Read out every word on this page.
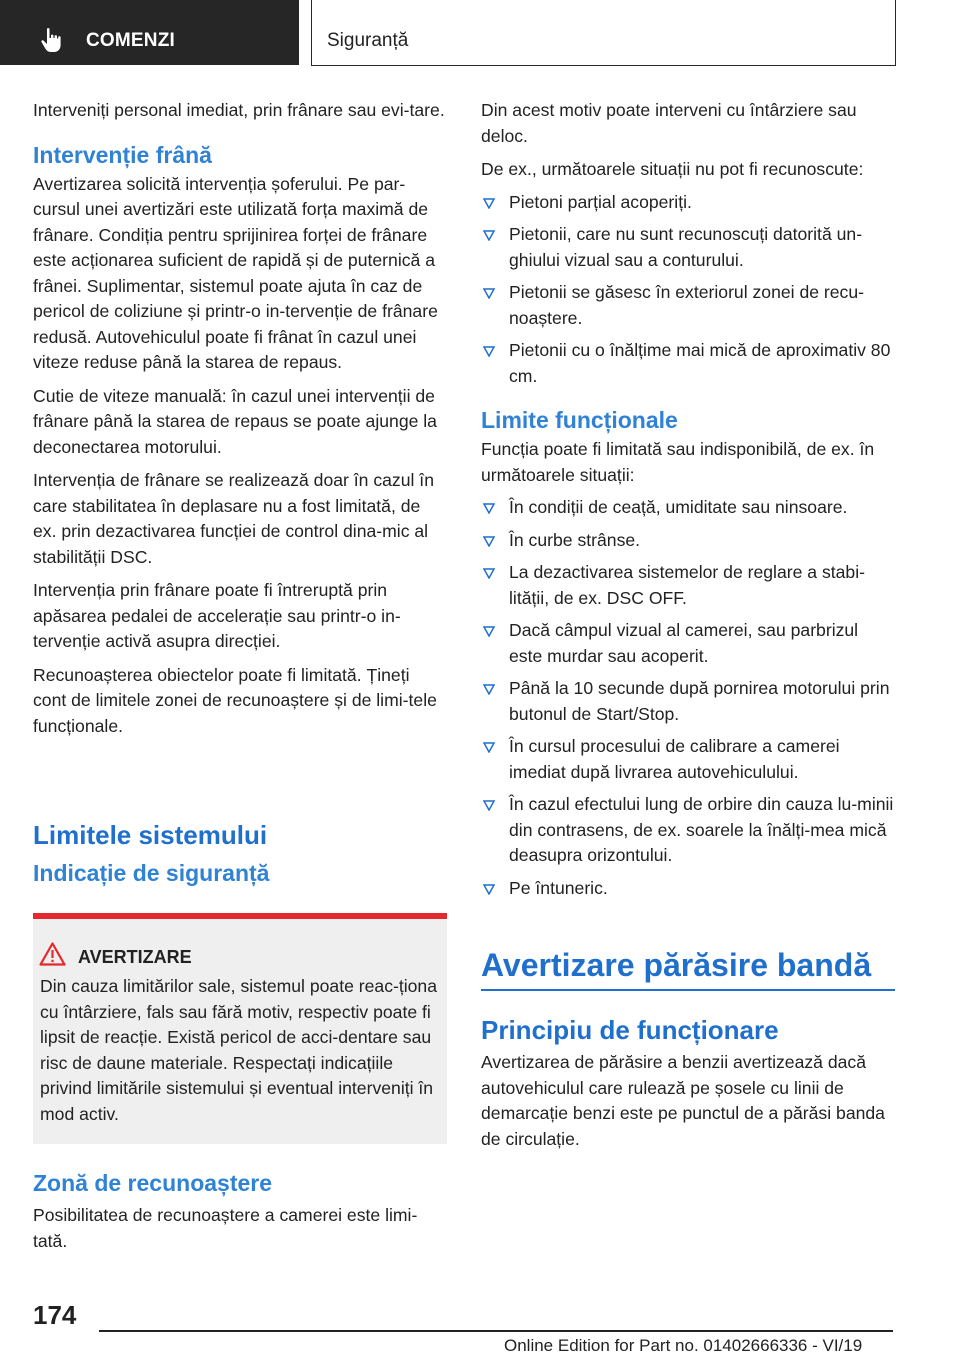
COMENZI	Siguranță

Interveniți personal imediat, prin frânare sau evi‐tare.

Intervenție frână

Avertizarea solicită intervenția șoferului. Pe par‐cursul unei avertizări este utilizată forța maximă de frânare. Condiția pentru sprijinirea forței de frânare este acționarea suficient de rapidă și de puternică a frânei. Suplimentar, sistemul poate ajuta în caz de pericol de coliziune și printr-o in‐tervenție de frânare redusă. Autovehiculul poate fi frânat în cazul unei viteze reduse până la starea de repaus.

Cutie de viteze manuală: în cazul unei intervenții de frânare până la starea de repaus se poate ajunge la deconectarea motorului.

Intervenția de frânare se realizează doar în cazul în care stabilitatea în deplasare nu a fost limitată, de ex. prin dezactivarea funcției de control dina‐mic al stabilității DSC.

Intervenția prin frânare poate fi întreruptă prin apăsarea pedalei de accelerație sau printr-o in‐tervenție activă asupra direcției.

Recunoașterea obiectelor poate fi limitată. Țineți cont de limitele zonei de recunoaștere și de limi‐tele funcționale.

Limitele sistemului
Indicație de siguranță
AVERTIZARE

Din cauza limitărilor sale, sistemul poate reac‐ționa cu întârziere, fals sau fără motiv, respectiv poate fi lipsit de reacție. Există pericol de acci‐dentare sau risc de daune materiale. Respectați indicațiile privind limitările sistemului și eventual interveniți în mod activ.

Zonă de recunoaștere

Posibilitatea de recunoaștere a camerei este limi‐tată.

Din acest motiv poate interveni cu întârziere sau deloc.

De ex., următoarele situații nu pot fi recunoscute:

Pietoni parțial acoperiți.
Pietonii, care nu sunt recunoscuți datorită un‐ghiului vizual sau a conturului.
Pietonii se găsesc în exteriorul zonei de recu‐noaștere.
Pietonii cu o înălțime mai mică de aproximativ 80 cm.
Limite funcționale

Funcția poate fi limitată sau indisponibilă, de ex. în următoarele situații:

În condiții de ceață, umiditate sau ninsoare.
În curbe strânse.
La dezactivarea sistemelor de reglare a stabi‐lității, de ex. DSC OFF.
Dacă câmpul vizual al camerei, sau parbrizul este murdar sau acoperit.
Până la 10 secunde după pornirea motorului prin butonul de Start/Stop.
În cursul procesului de calibrare a camerei imediat după livrarea autovehiculului.
În cazul efectului lung de orbire din cauza lu‐minii din contrasens, de ex. soarele la înălți‐mea mică deasupra orizontului.
Pe întuneric.
Avertizare părăsire bandă
Principiu de funcționare

Avertizarea de părăsire a benzii avertizează dacă autovehiculul care rulează pe șosele cu linii de demarcație benzi este pe punctul de a părăsi banda de circulație.

174
Online Edition for Part no. 01402666336 - VI/19
